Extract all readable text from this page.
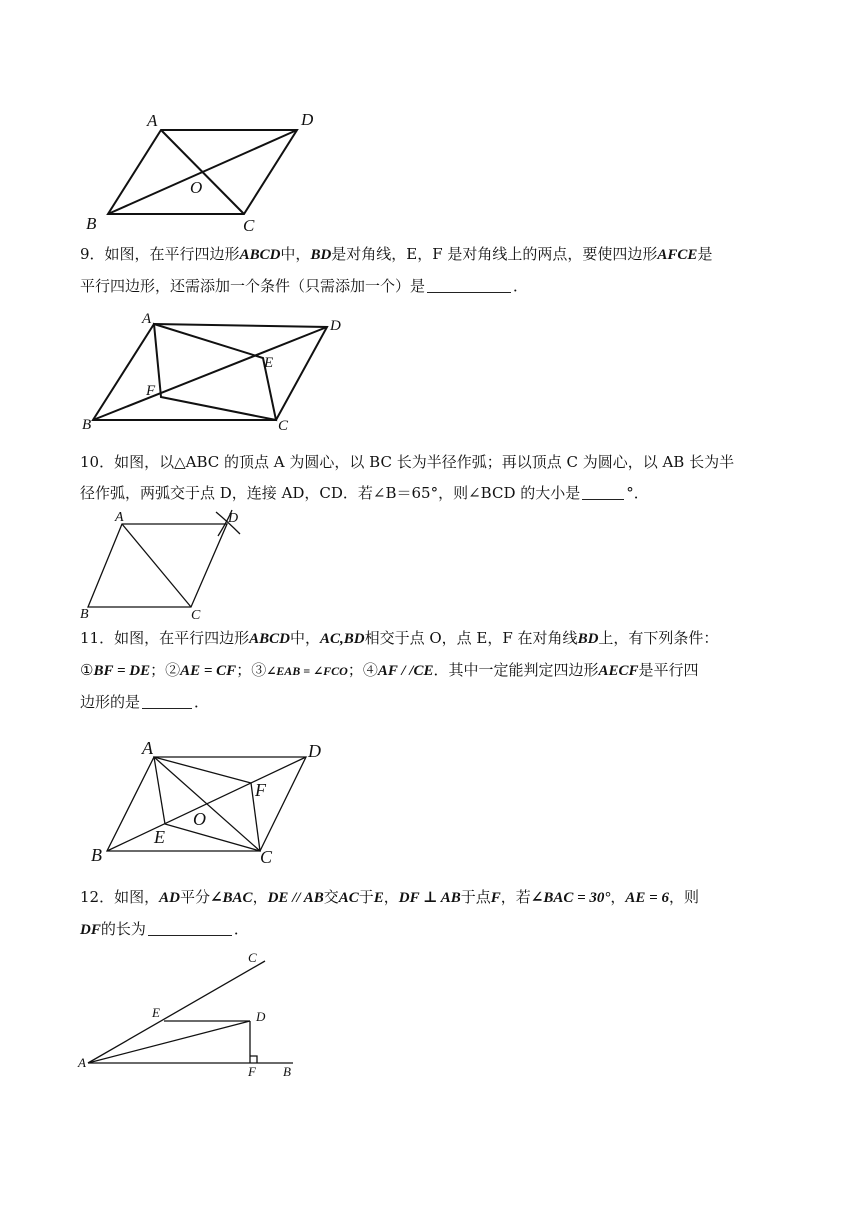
A	D
O
B	C
9．如图，在平行四边形ABCD中，BD是对角线，E，F 是对角线上的两点，要使四边形AFCE是
平行四边形，还需添加一个条件（只需添加一个）是	．
A	D
E
F
B	C
10．如图，以△ABC 的顶点 A 为圆心，以 BC 长为半径作弧；再以顶点 C 为圆心，以 AB 长为半
径作弧，两弧交于点 D，连接 AD，CD．若∠B＝65°，则∠BCD 的大小是	°．
A	D
B	C
11．如图，在平行四边形ABCD中，AC,BD相交于点 O，点 E，F 在对角线BD上，有下列条件：
①BF = DE；②AE = CF；③∠EAB = ∠FCO；④AF / /CE．其中一定能判定四边形AECF是平行四
边形的是	．
A	D
F
O
E
B	C
12．如图，AD平分∠BAC，DE // AB交AC于E，DF ⊥ AB于点F，若∠BAC = 30°，AE = 6，则
DF的长为	．
C
E	D
A
F B
